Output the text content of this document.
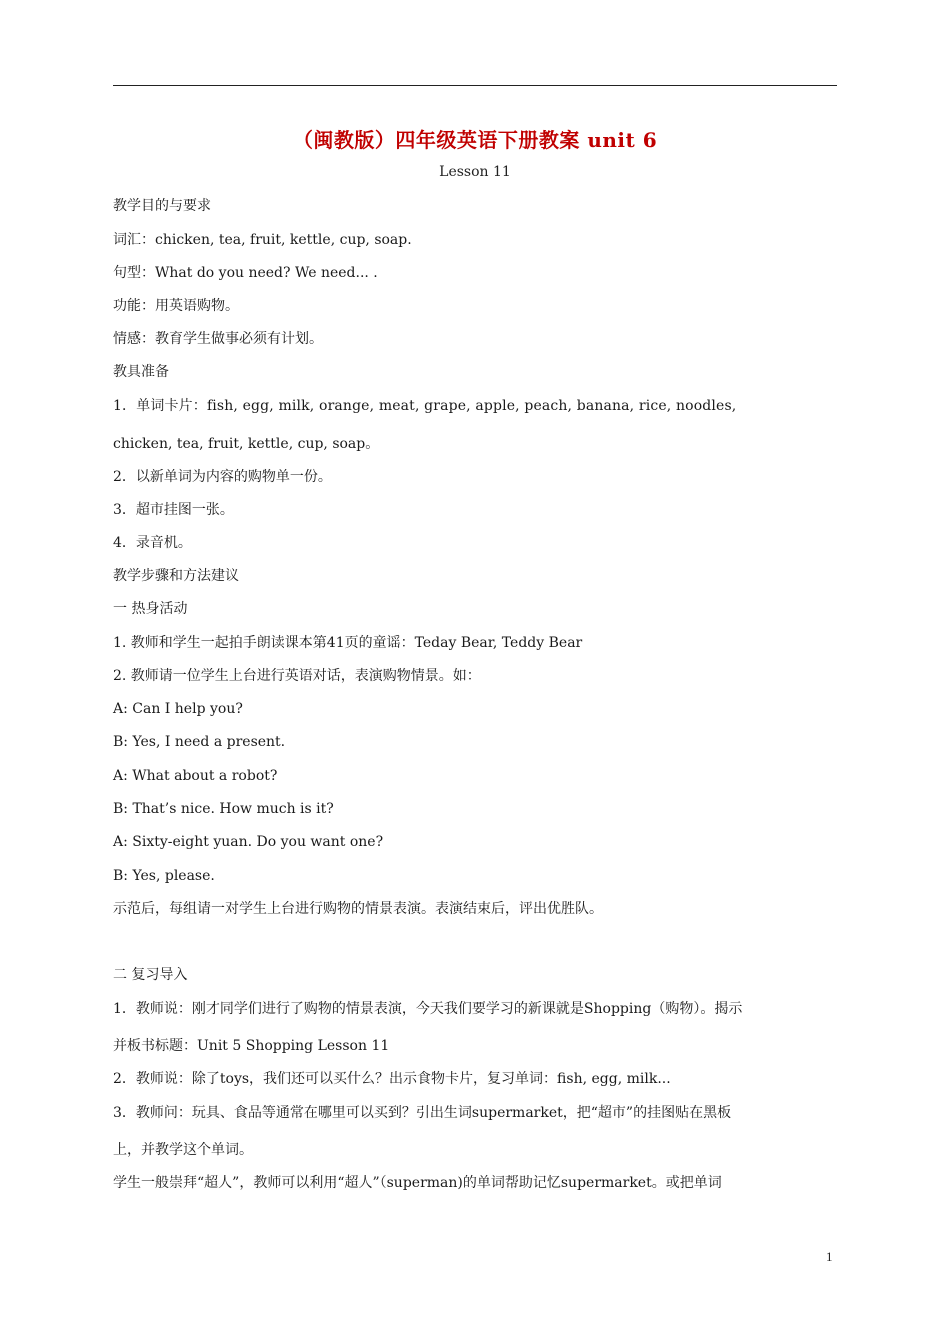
（闽教版）四年级英语下册教案 unit 6
Lesson 11
教学目的与要求
词汇：chicken, tea, fruit, kettle, cup, soap.
句型：What do you need? We need... .
功能：用英语购物。
情感：教育学生做事必须有计划。
教具准备
1．单词卡片：fish, egg, milk, orange, meat, grape, apple, peach, banana, rice, noodles,
chicken, tea, fruit, kettle, cup, soap。
2．以新单词为内容的购物单一份。
3．超市挂图一张。
4．录音机。
教学步骤和方法建议
一 热身活动
1. 教师和学生一起拍手朗读课本第41页的童谣：Teday Bear, Teddy Bear
2. 教师请一位学生上台进行英语对话，表演购物情景。如：
A: Can I help you?
B: Yes, I need a present.
A: What about a robot?
B: That’s nice. How much is it?
A: Sixty-eight yuan. Do you want one?
B: Yes, please.
示范后，每组请一对学生上台进行购物的情景表演。表演结束后，评出优胜队。
二 复习导入
1．教师说：刚才同学们进行了购物的情景表演，今天我们要学习的新课就是Shopping（购物）。揭示
并板书标题：Unit 5 Shopping Lesson 11
2．教师说：除了toys，我们还可以买什么？出示食物卡片，复习单词：fish, egg, milk...
3．教师问：玩具、食品等通常在哪里可以买到？引出生词supermarket，把“超市”的挂图贴在黑板
上，并教学这个单词。
学生一般崇拜“超人”，教师可以利用“超人”（superman)的单词帮助记忆supermarket。或把单词
1
